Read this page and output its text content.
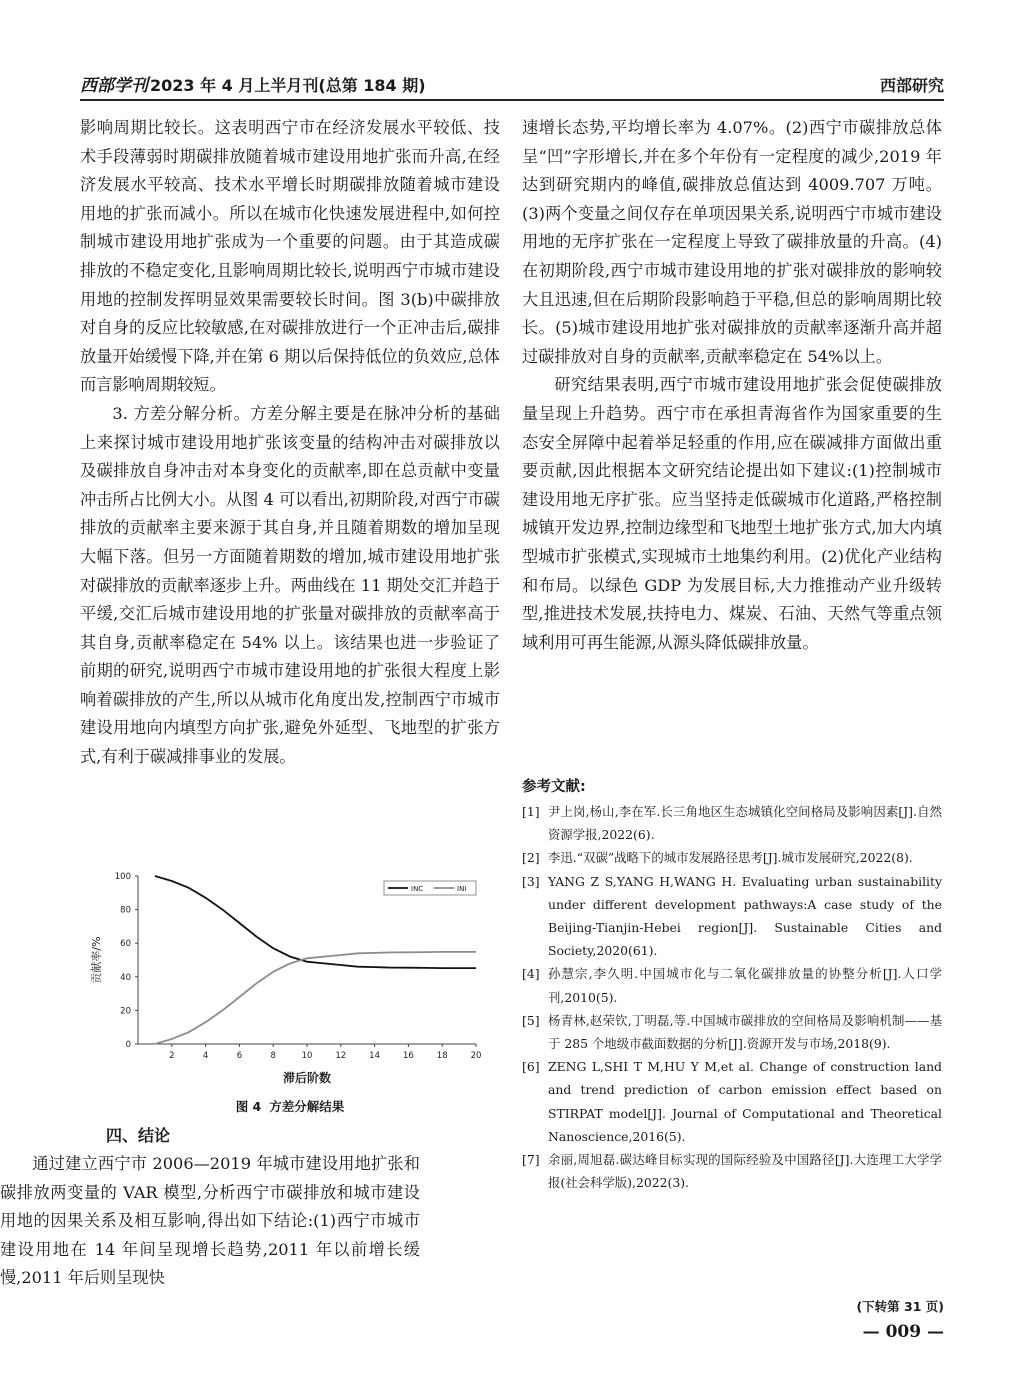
西部学刊 2023 年 4 月上半月刊(总第 184 期)	西部研究

影响周期比较长。这表明西宁市在经济发展水平较低、技术手段薄弱时期碳排放随着城市建设用地扩张而升高,在经济发展水平较高、技术水平增长时期碳排放随着城市建设用地的扩张而减小。所以在城市化快速发展进程中,如何控制城市建设用地扩张成为一个重要的问题。由于其造成碳排放的不稳定变化,且影响周期比较长,说明西宁市城市建设用地的控制发挥明显效果需要较长时间。图 3(b)中碳排放对自身的反应比较敏感,在对碳排放进行一个正冲击后,碳排放量开始缓慢下降,并在第 6 期以后保持低位的负效应,总体而言影响周期较短。

3. 方差分解分析。方差分解主要是在脉冲分析的基础上来探讨城市建设用地扩张该变量的结构冲击对碳排放以及碳排放自身冲击对本身变化的贡献率,即在总贡献中变量冲击所占比例大小。从图 4 可以看出,初期阶段,对西宁市碳排放的贡献率主要来源于其自身,并且随着期数的增加呈现大幅下落。但另一方面随着期数的增加,城市建设用地扩张对碳排放的贡献率逐步上升。两曲线在 11 期处交汇并趋于平缓,交汇后城市建设用地的扩张量对碳排放的贡献率高于其自身,贡献率稳定在 54% 以上。该结果也进一步验证了前期的研究,说明西宁市城市建设用地的扩张很大程度上影响着碳排放的产生,所以从城市化角度出发,控制西宁市城市建设用地向内填型方向扩张,避免外延型、飞地型的扩张方式,有利于碳减排事业的发展。

0
20
40
60
80
100
2	4	6	8	10	12	14	16	18	20
贡献率/%
滞后阶数
INC	INI
图 4 方差分解结果
四、结论

通过建立西宁市 2006—2019 年城市建设用地扩张和碳排放两变量的 VAR 模型,分析西宁市碳排放和城市建设用地的因果关系及相互影响,得出如下结论:(1)西宁市城市建设用地在 14 年间呈现增长趋势,2011 年以前增长缓慢,2011 年后则呈现快

速增长态势,平均增长率为 4.07%。(2)西宁市碳排放总体呈“凹”字形增长,并在多个年份有一定程度的减少,2019 年达到研究期内的峰值,碳排放总值达到 4009.707 万吨。(3)两个变量之间仅存在单项因果关系,说明西宁市城市建设用地的无序扩张在一定程度上导致了碳排放量的升高。(4)在初期阶段,西宁市城市建设用地的扩张对碳排放的影响较大且迅速,但在后期阶段影响趋于平稳,但总的影响周期比较长。(5)城市建设用地扩张对碳排放的贡献率逐渐升高并超过碳排放对自身的贡献率,贡献率稳定在 54%以上。

研究结果表明,西宁市城市建设用地扩张会促使碳排放量呈现上升趋势。西宁市在承担青海省作为国家重要的生态安全屏障中起着举足轻重的作用,应在碳减排方面做出重要贡献,因此根据本文研究结论提出如下建议:(1)控制城市建设用地无序扩张。应当坚持走低碳城市化道路,严格控制城镇开发边界,控制边缘型和飞地型土地扩张方式,加大内填型城市扩张模式,实现城市土地集约利用。(2)优化产业结构和布局。以绿色 GDP 为发展目标,大力推推动产业升级转型,推进技术发展,扶持电力、煤炭、石油、天然气等重点领域利用可再生能源,从源头降低碳排放量。

参考文献:
[1] 尹上岗,杨山,李在军.长三角地区生态城镇化空间格局及影响因素[J].自然资源学报,2022(6).
[2] 李迅.“双碳”战略下的城市发展路径思考[J].城市发展研究,2022(8).
[3] YANG Z S,YANG H,WANG H. Evaluating urban sustainability under different development pathways:A case study of the Beijing-Tianjin-Hebei region[J]. Sustainable Cities and Society,2020(61).
[4] 孙慧宗,李久明.中国城市化与二氧化碳排放量的协整分析[J].人口学刊,2010(5).
[5] 杨青林,赵荣钦,丁明磊,等.中国城市碳排放的空间格局及影响机制——基于 285 个地级市截面数据的分析[J].资源开发与市场,2018(9).
[6] ZENG L,SHI T M,HU Y M,et al. Change of construction land and trend prediction of carbon emission effect based on STIRPAT model[J]. Journal of Computational and Theoretical Nanoscience,2016(5).
[7] 余丽,周旭磊.碳达峰目标实现的国际经验及中国路径[J].大连理工大学学报(社会科学版),2022(3).
(下转第 31 页)
— 009 —
